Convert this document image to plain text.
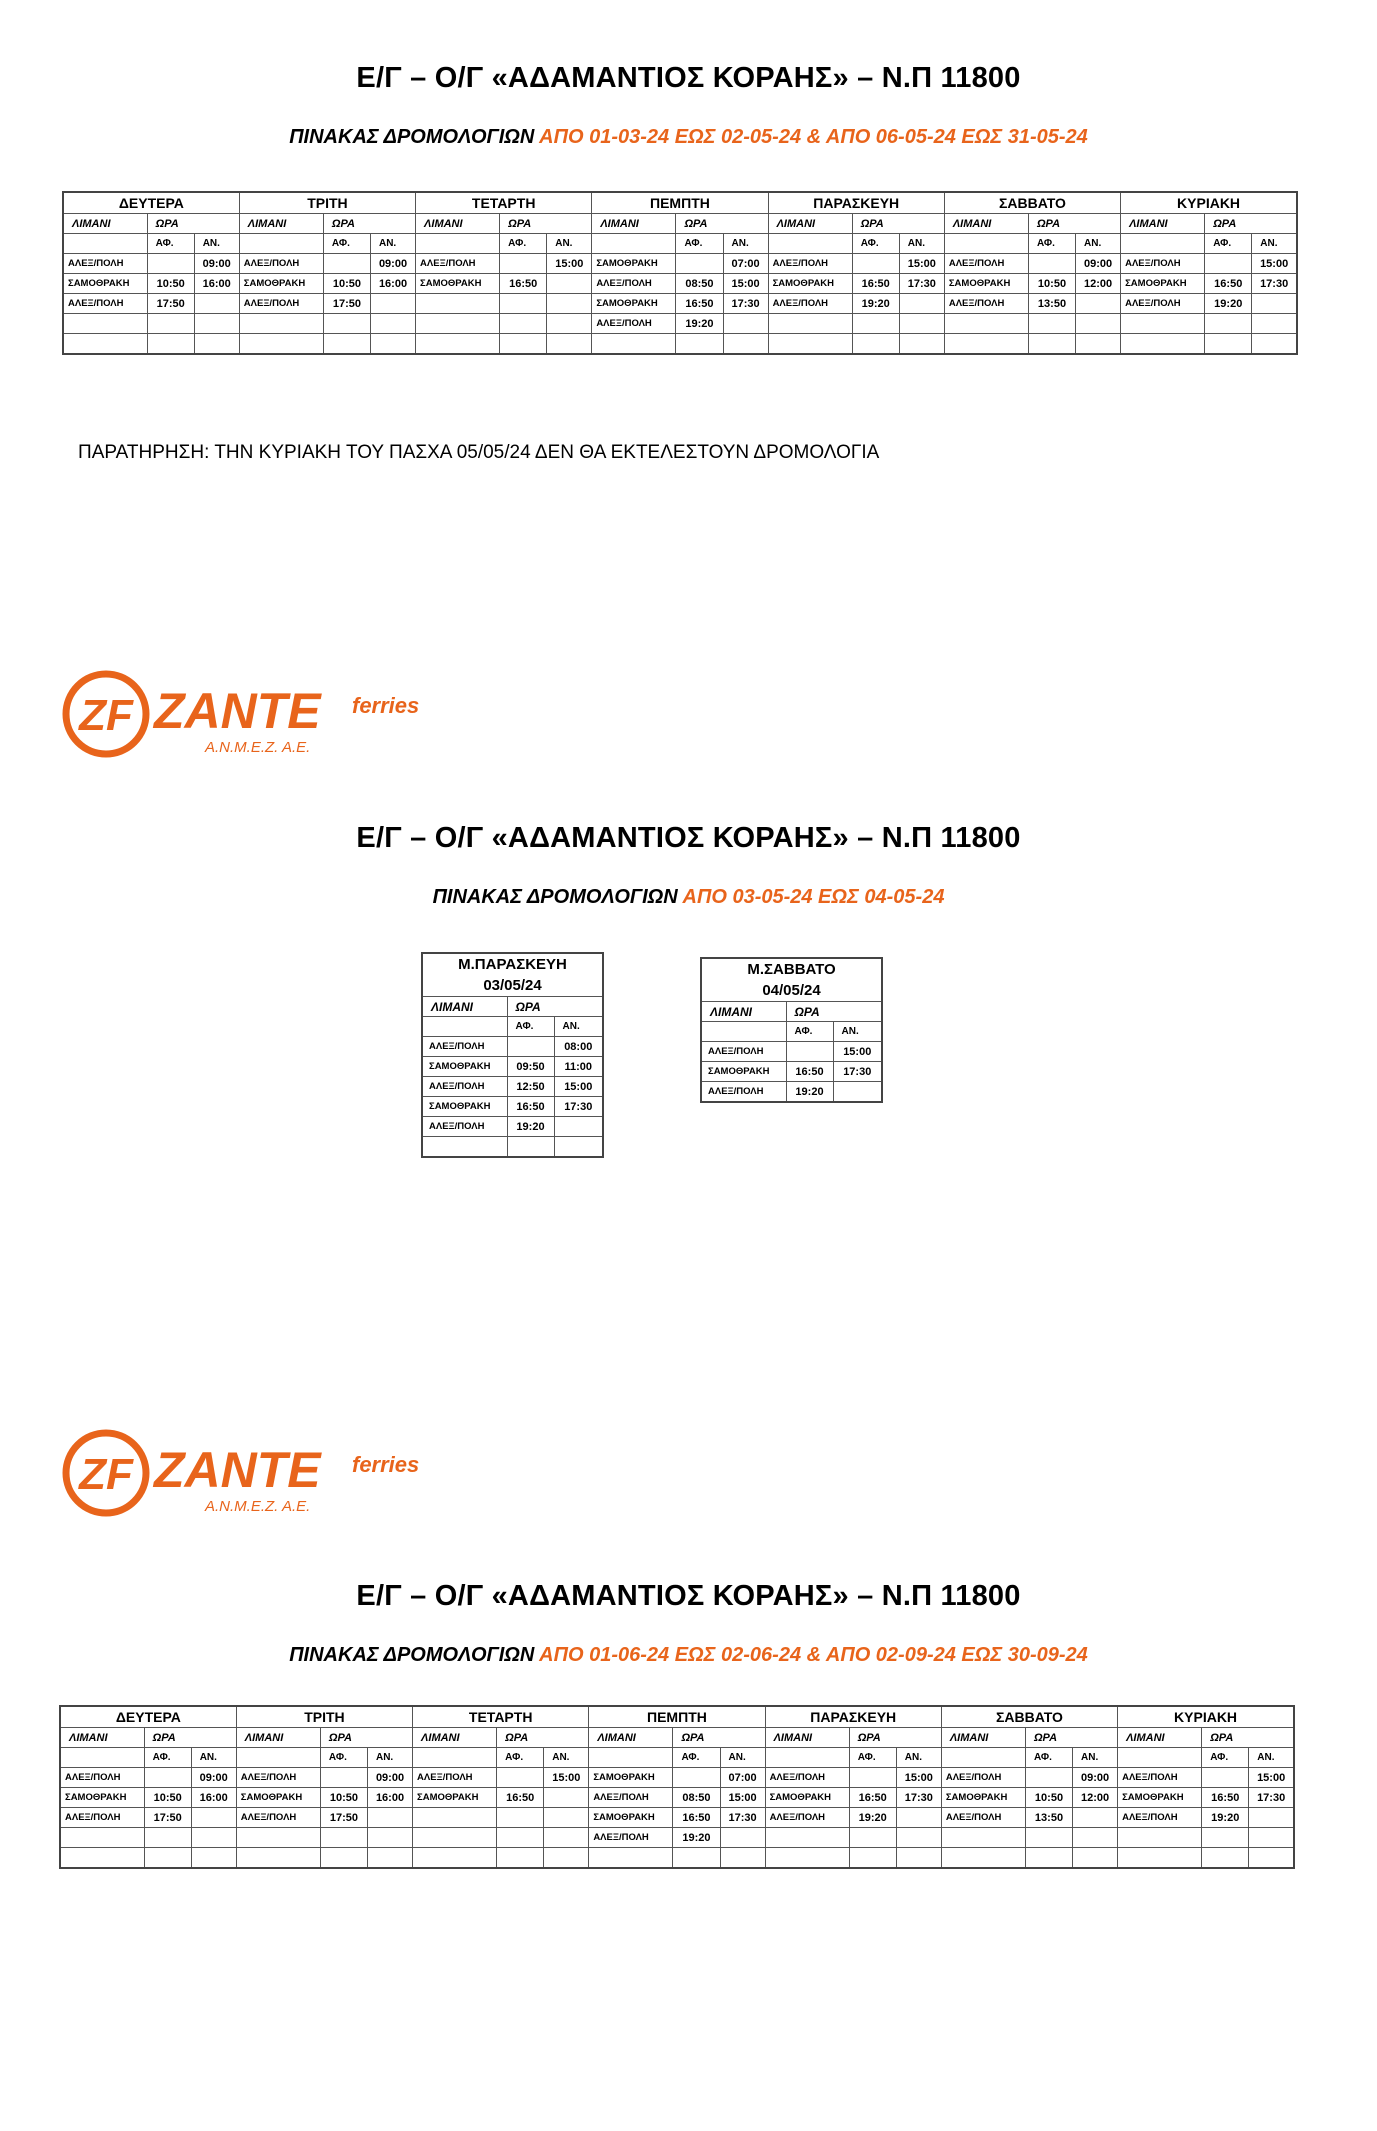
Ε/Γ – Ο/Γ «ΑΔΑΜΑΝΤΙΟΣ ΚΟΡΑΗΣ» – Ν.Π 11800
ΠΙΝΑΚΑΣ ΔΡΟΜΟΛΟΓΙΩΝ ΑΠΟ 01-03-24 ΕΩΣ 02-05-24 & ΑΠΟ 06-05-24 ΕΩΣ 31-05-24
ΔΕΥΤΕΡΑ			ΤΡΙΤΗ			ΤΕΤΑΡΤΗ			ΠΕΜΠΤΗ			ΠΑΡΑΣΚΕΥΗ			ΣΑΒΒΑΤΟ			ΚΥΡΙΑΚΗ		
ΛΙΜΑΝΙ	ΩΡΑ		ΛΙΜΑΝΙ	ΩΡΑ		ΛΙΜΑΝΙ	ΩΡΑ		ΛΙΜΑΝΙ	ΩΡΑ		ΛΙΜΑΝΙ	ΩΡΑ		ΛΙΜΑΝΙ	ΩΡΑ		ΛΙΜΑΝΙ	ΩΡΑ	
	ΑΦ.	ΑΝ.		ΑΦ.	ΑΝ.		ΑΦ.	ΑΝ.		ΑΦ.	ΑΝ.		ΑΦ.	ΑΝ.		ΑΦ.	ΑΝ.		ΑΦ.	ΑΝ.
ΑΛΕΞ/ΠΟΛΗ		09:00	ΑΛΕΞ/ΠΟΛΗ		09:00	ΑΛΕΞ/ΠΟΛΗ		15:00	ΣΑΜΟΘΡΑΚΗ		07:00	ΑΛΕΞ/ΠΟΛΗ		15:00	ΑΛΕΞ/ΠΟΛΗ		09:00	ΑΛΕΞ/ΠΟΛΗ		15:00
ΣΑΜΟΘΡΑΚΗ	10:50	16:00	ΣΑΜΟΘΡΑΚΗ	10:50	16:00	ΣΑΜΟΘΡΑΚΗ	16:50		ΑΛΕΞ/ΠΟΛΗ	08:50	15:00	ΣΑΜΟΘΡΑΚΗ	16:50	17:30	ΣΑΜΟΘΡΑΚΗ	10:50	12:00	ΣΑΜΟΘΡΑΚΗ	16:50	17:30
ΑΛΕΞ/ΠΟΛΗ	17:50		ΑΛΕΞ/ΠΟΛΗ	17:50					ΣΑΜΟΘΡΑΚΗ	16:50	17:30	ΑΛΕΞ/ΠΟΛΗ	19:20		ΑΛΕΞ/ΠΟΛΗ	13:50		ΑΛΕΞ/ΠΟΛΗ	19:20	
									ΑΛΕΞ/ΠΟΛΗ	19:20										

ΠΑΡΑΤΗΡΗΣΗ: ΤΗΝ ΚΥΡΙΑΚΗ ΤΟΥ ΠΑΣΧΑ 05/05/24 ΔΕΝ ΘΑ ΕΚΤΕΛΕΣΤΟΥΝ ΔΡΟΜΟΛΟΓΙΑ
ZF ZANTE ferries
Α.Ν.Μ.Ε.Ζ. Α.Ε.
Ε/Γ – Ο/Γ «ΑΔΑΜΑΝΤΙΟΣ ΚΟΡΑΗΣ» – Ν.Π 11800
ΠΙΝΑΚΑΣ ΔΡΟΜΟΛΟΓΙΩΝ ΑΠΟ 03-05-24 ΕΩΣ 04-05-24
Μ.ΠΑΡΑΣΚΕΥΗ
03/05/24		

ΛΙΜΑΝΙ	ΩΡΑ	
	ΑΦ.	ΑΝ.
ΑΛΕΞ/ΠΟΛΗ		08:00
ΣΑΜΟΘΡΑΚΗ	09:50	11:00
ΑΛΕΞ/ΠΟΛΗ	12:50	15:00
ΣΑΜΟΘΡΑΚΗ	16:50	17:30
ΑΛΕΞ/ΠΟΛΗ	19:20	

Μ.ΣΑΒΒΑΤΟ
04/05/24		

ΛΙΜΑΝΙ	ΩΡΑ	
	ΑΦ.	ΑΝ.
ΑΛΕΞ/ΠΟΛΗ		15:00
ΣΑΜΟΘΡΑΚΗ	16:50	17:30
ΑΛΕΞ/ΠΟΛΗ	19:20	
ZF ZANTE ferries
Α.Ν.Μ.Ε.Ζ. Α.Ε.
Ε/Γ – Ο/Γ «ΑΔΑΜΑΝΤΙΟΣ ΚΟΡΑΗΣ» – Ν.Π 11800
ΠΙΝΑΚΑΣ ΔΡΟΜΟΛΟΓΙΩΝ ΑΠΟ 01-06-24 ΕΩΣ 02-06-24 & ΑΠΟ 02-09-24 ΕΩΣ 30-09-24
ΔΕΥΤΕΡΑ			ΤΡΙΤΗ			ΤΕΤΑΡΤΗ			ΠΕΜΠΤΗ			ΠΑΡΑΣΚΕΥΗ			ΣΑΒΒΑΤΟ			ΚΥΡΙΑΚΗ		
ΛΙΜΑΝΙ	ΩΡΑ		ΛΙΜΑΝΙ	ΩΡΑ		ΛΙΜΑΝΙ	ΩΡΑ		ΛΙΜΑΝΙ	ΩΡΑ		ΛΙΜΑΝΙ	ΩΡΑ		ΛΙΜΑΝΙ	ΩΡΑ		ΛΙΜΑΝΙ	ΩΡΑ	
	ΑΦ.	ΑΝ.		ΑΦ.	ΑΝ.		ΑΦ.	ΑΝ.		ΑΦ.	ΑΝ.		ΑΦ.	ΑΝ.		ΑΦ.	ΑΝ.		ΑΦ.	ΑΝ.
ΑΛΕΞ/ΠΟΛΗ		09:00	ΑΛΕΞ/ΠΟΛΗ		09:00	ΑΛΕΞ/ΠΟΛΗ		15:00	ΣΑΜΟΘΡΑΚΗ		07:00	ΑΛΕΞ/ΠΟΛΗ		15:00	ΑΛΕΞ/ΠΟΛΗ		09:00	ΑΛΕΞ/ΠΟΛΗ		15:00
ΣΑΜΟΘΡΑΚΗ	10:50	16:00	ΣΑΜΟΘΡΑΚΗ	10:50	16:00	ΣΑΜΟΘΡΑΚΗ	16:50		ΑΛΕΞ/ΠΟΛΗ	08:50	15:00	ΣΑΜΟΘΡΑΚΗ	16:50	17:30	ΣΑΜΟΘΡΑΚΗ	10:50	12:00	ΣΑΜΟΘΡΑΚΗ	16:50	17:30
ΑΛΕΞ/ΠΟΛΗ	17:50		ΑΛΕΞ/ΠΟΛΗ	17:50					ΣΑΜΟΘΡΑΚΗ	16:50	17:30	ΑΛΕΞ/ΠΟΛΗ	19:20		ΑΛΕΞ/ΠΟΛΗ	13:50		ΑΛΕΞ/ΠΟΛΗ	19:20	
									ΑΛΕΞ/ΠΟΛΗ	19:20										
